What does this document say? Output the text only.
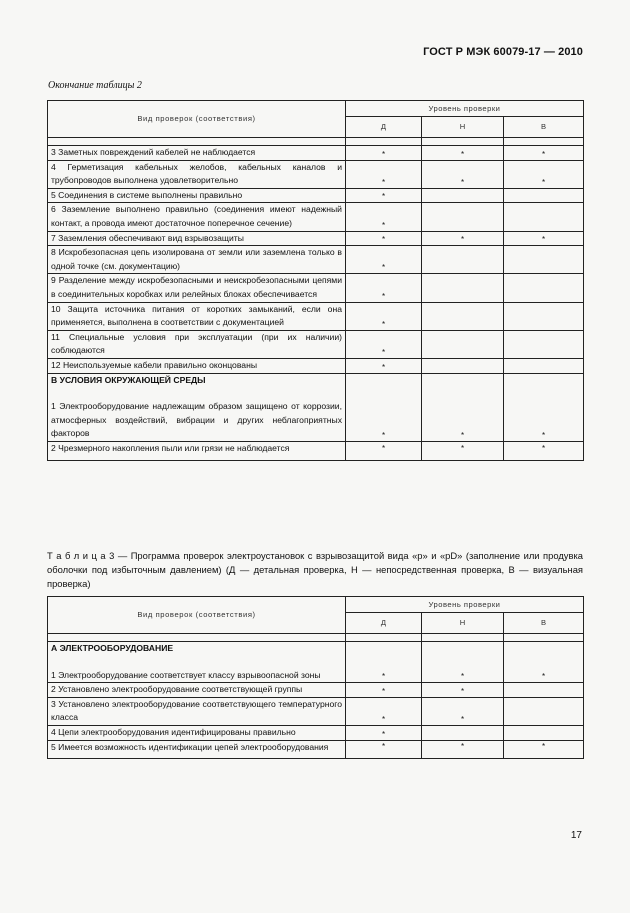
ГОСТ Р МЭК 60079-17 — 2010
Окончание таблицы 2
Вид проверок (соответствия)	Уровень проверки		
	Д	Н	В

3 Заметных повреждений кабелей не наблюдается	*	*	*
4 Герметизация кабельных желобов, кабельных каналов и трубопроводов выполнена удовлетворительно	*	*	*
5 Соединения в системе выполнены правильно	*		
6 Заземление выполнено правильно (соединения имеют надежный контакт, а провода имеют достаточное поперечное сечение)	*		
7 Заземления обеспечивают вид взрывозащиты	*	*	*
8 Искробезопасная цепь изолирована от земли или заземлена только в одной точке (см. документацию)	*		
9 Разделение между искробезопасными и неискробезопасными цепями в соединительных коробках или релейных блоках обеспечивается	*		
10 Защита источника питания от коротких замыканий, если она применяется, выполнена в соответствии с документацией	*		
11 Специальные условия при эксплуатации (при их наличии) соблюдаются	*		
12 Неиспользуемые кабели правильно оконцованы	*		

В УСЛОВИЯ ОКРУЖАЮЩЕЙ СРЕДЫ
1 Электрооборудование надлежащим образом защищено от коррозии, атмосферных воздействий, вибрации и других неблагоприятных факторов	*	*	*
2 Чрезмерного накопления пыли или грязи не наблюдается	*	*	*
Т а б л и ц а 3 — Программа проверок электроустановок с взрывозащитой вида «p» и «pD» (заполнение или продувка оболочки под избыточным давлением) (Д — детальная проверка, Н — непосредственная проверка, В — визуальная проверка)
Вид проверок (соответствия)	Уровень проверки		
	Д	Н	В

А ЭЛЕКТРООБОРУДОВАНИЕ
1 Электрооборудование соответствует классу взрывоопасной зоны	*	*	*
2 Установлено электрооборудование соответствующей группы	*	*	
3 Установлено электрооборудование соответствующего температурного класса	*	*	
4 Цепи электрооборудования идентифицированы правильно	*		
5 Имеется возможность идентификации цепей электрооборудования	*	*	*
17
